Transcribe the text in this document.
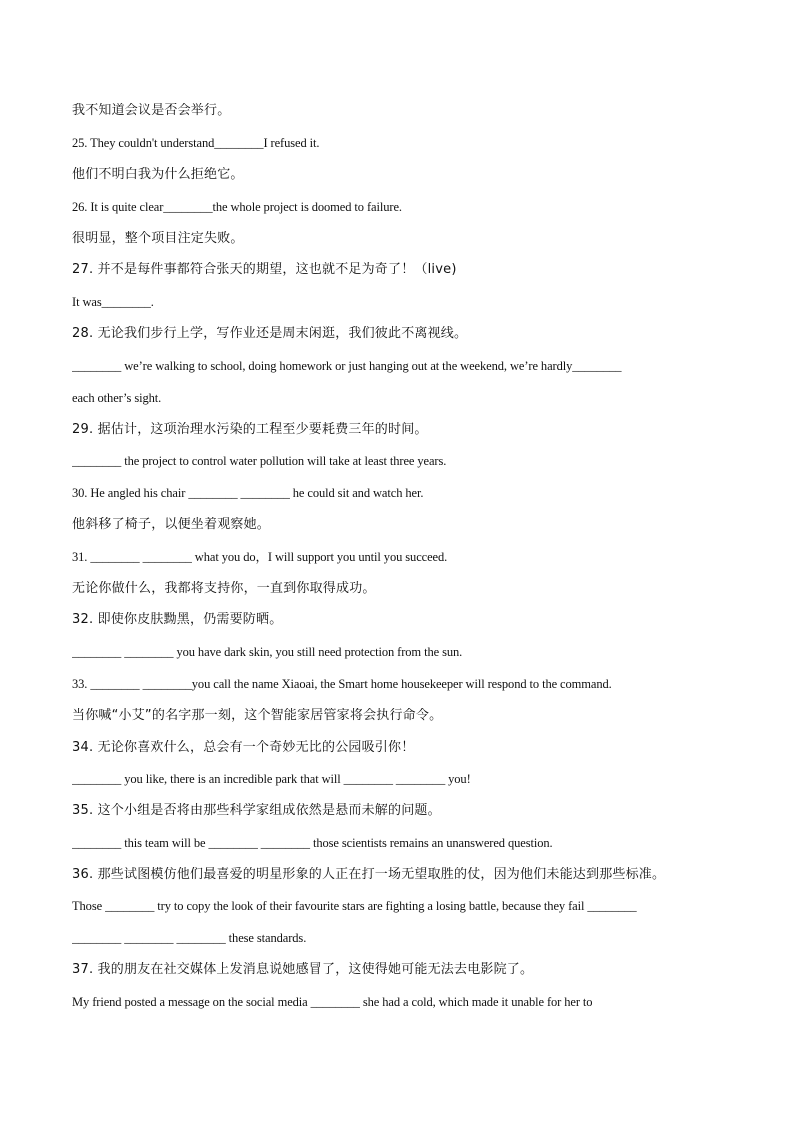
我不知道会议是否会举行。
25. They couldn't understand________I refused it.
他们不明白我为什么拒绝它。
26. It is quite clear________the whole project is doomed to failure.
很明显，整个项目注定失败。
27. 并不是每件事都符合张天的期望，这也就不足为奇了！（live)
It was________.
28. 无论我们步行上学，写作业还是周末闲逛，我们彼此不离视线。
________ we’re walking to school, doing homework or just hanging out at the weekend, we’re hardly________
each other’s sight.
29. 据估计，这项治理水污染的工程至少要耗费三年的时间。
________ the project to control water pollution will take at least three years.
30. He angled his chair ________ ________ he could sit and watch her.
他斜移了椅子，以便坐着观察她。
31. ________ ________ what you do，I will support you until you succeed.
无论你做什么，我都将支持你，一直到你取得成功。
32. 即使你皮肤黝黑，仍需要防晒。
________ ________ you have dark skin, you still need protection from the sun.
33. ________ ________you call the name Xiaoai, the Smart home housekeeper will respond to the command.
当你喊“小艾”的名字那一刻，这个智能家居管家将会执行命令。
34. 无论你喜欢什么，总会有一个奇妙无比的公园吸引你！
________ you like, there is an incredible park that will ________ ________ you!
35. 这个小组是否将由那些科学家组成依然是悬而未解的问题。
________ this team will be ________ ________ those scientists remains an unanswered question.
36. 那些试图模仿他们最喜爱的明星形象的人正在打一场无望取胜的仗，因为他们未能达到那些标准。
Those ________ try to copy the look of their favourite stars are fighting a losing battle, because they fail ________
________ ________ ________ these standards.
37. 我的朋友在社交媒体上发消息说她感冒了，这使得她可能无法去电影院了。
My friend posted a message on the social media ________ she had a cold, which made it unable for her to
